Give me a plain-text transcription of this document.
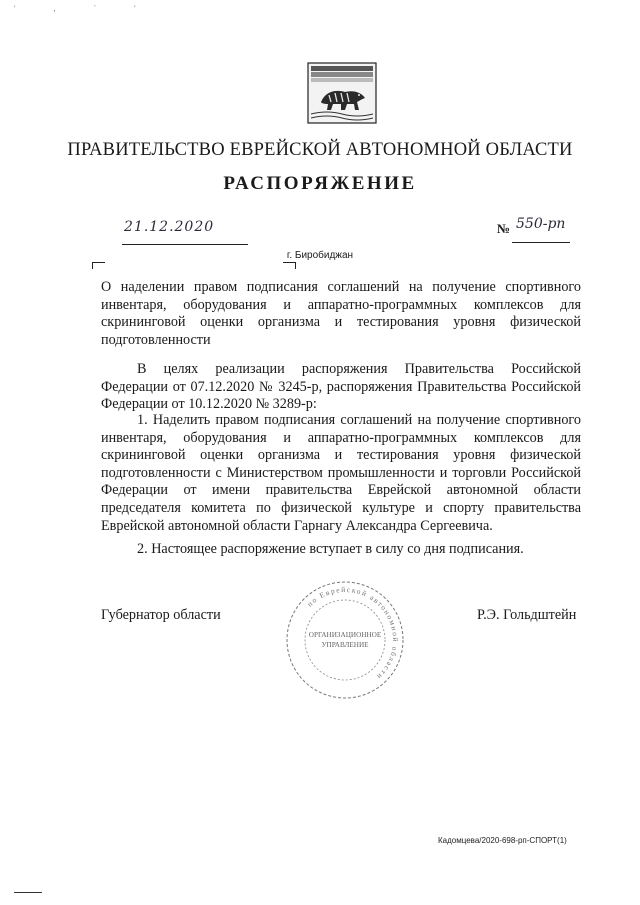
' , ` '
ПРАВИТЕЛЬСТВО ЕВРЕЙСКОЙ АВТОНОМНОЙ ОБЛАСТИ
РАСПОРЯЖЕНИЕ
21.12.2020	№ 550-рп
г. Биробиджан
О наделении правом подписания соглашений на получение спортивного инвентаря, оборудования и аппаратно-программных комплексов для скрининговой оценки организма и тестирования уровня физической подготовленности
В целях реализации распоряжения Правительства Российской Федерации от 07.12.2020 № 3245-р, распоряжения Правительства Российской Федерации от 10.12.2020 № 3289-р:
1. Наделить правом подписания соглашений на получение спортивного инвентаря, оборудования и аппаратно-программных комплексов для скрининговой оценки организма и тестирования уровня физической подготовленности с Министерством промышленности и торговли Российской Федерации от имени правительства Еврейской автономной области председателя комитета по физической культуре и спорту правительства Еврейской автономной области Гарнагу Александра Сергеевича.
2. Настоящее распоряжение вступает в силу со дня подписания.
Губернатор области	Р.Э. Гольдштейн
по Еврейской автономной области
ОРГАНИЗАЦИОННОЕ
УПРАВЛЕНИЕ
Кадомцева/2020-698-рп-СПОРТ(1)
